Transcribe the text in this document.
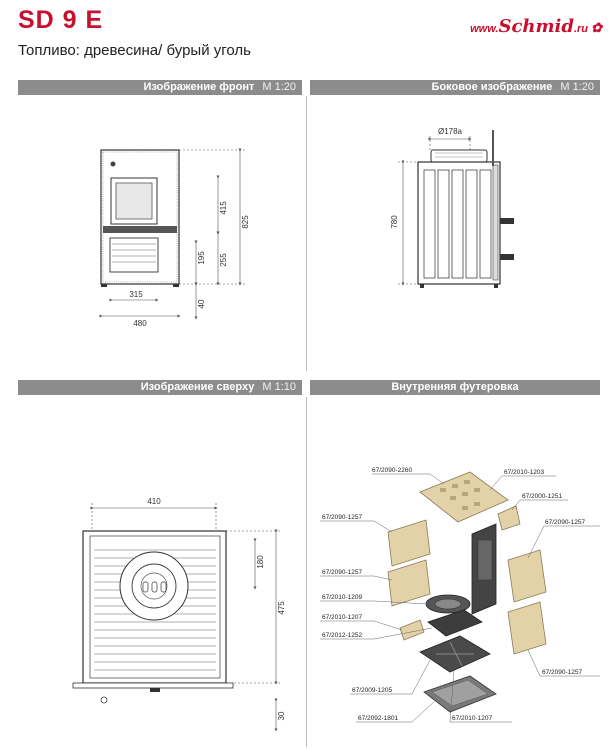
SD 9 E
Топливо: древесина/ бурый уголь
www.Schmid.ru ✿
Изображение фронт M 1:20	Боковое изображение M 1:20
Изображение сверху M 1:10	Внутренняя футеровка
825
415
255
195
40
315
480
Ø178a
780
410
180
475
30
67/2090-2260	67/2010-1203
67/2000-1251
67/2090-1257
67/2090-1257
67/2090-1257
67/2010-1209
67/2010-1207
67/2012-1252
67/2090-1257
67/2009-1205
67/2092-1801	67/2010-1207
